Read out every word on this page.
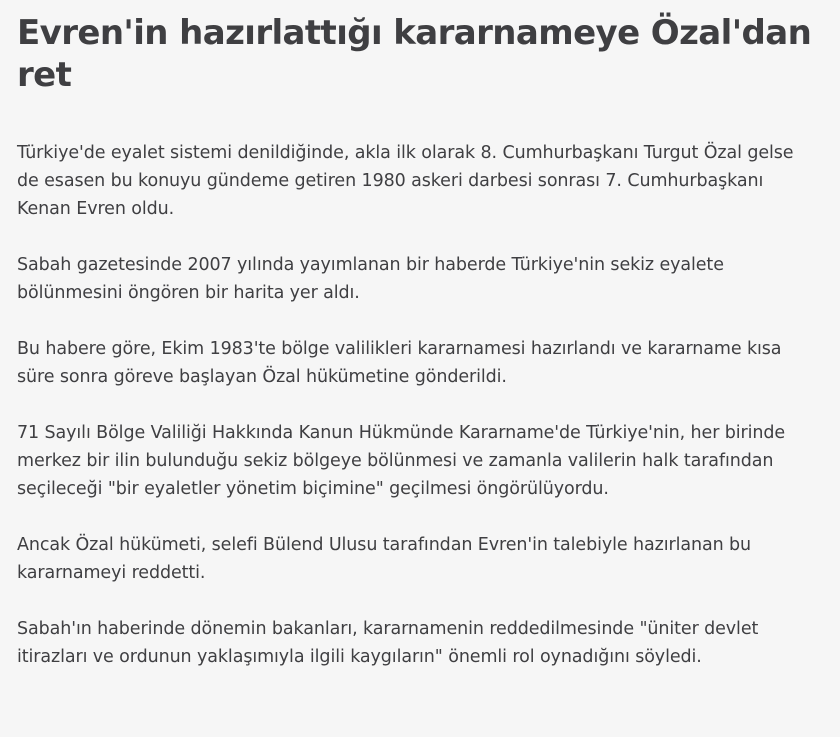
Evren'in hazırlattığı kararnameye Özal'dan ret

Türkiye'de eyalet sistemi denildiğinde, akla ilk olarak 8. Cumhurbaşkanı Turgut Özal gelse de esasen bu konuyu gündeme getiren 1980 askeri darbesi sonrası 7. Cumhurbaşkanı Kenan Evren oldu.

Sabah gazetesinde 2007 yılında yayımlanan bir haberde Türkiye'nin sekiz eyalete bölünmesini öngören bir harita yer aldı.

Bu habere göre, Ekim 1983'te bölge valilikleri kararnamesi hazırlandı ve kararname kısa süre sonra göreve başlayan Özal hükümetine gönderildi.

71 Sayılı Bölge Valiliği Hakkında Kanun Hükmünde Kararname'de Türkiye'nin, her birinde merkez bir ilin bulunduğu sekiz bölgeye bölünmesi ve zamanla valilerin halk tarafından seçileceği "bir eyaletler yönetim biçimine" geçilmesi öngörülüyordu.

Ancak Özal hükümeti, selefi Bülend Ulusu tarafından Evren'in talebiyle hazırlanan bu kararnameyi reddetti.

Sabah'ın haberinde dönemin bakanları, kararnamenin reddedilmesinde "üniter devlet itirazları ve ordunun yaklaşımıyla ilgili kaygıların" önemli rol oynadığını söyledi.
